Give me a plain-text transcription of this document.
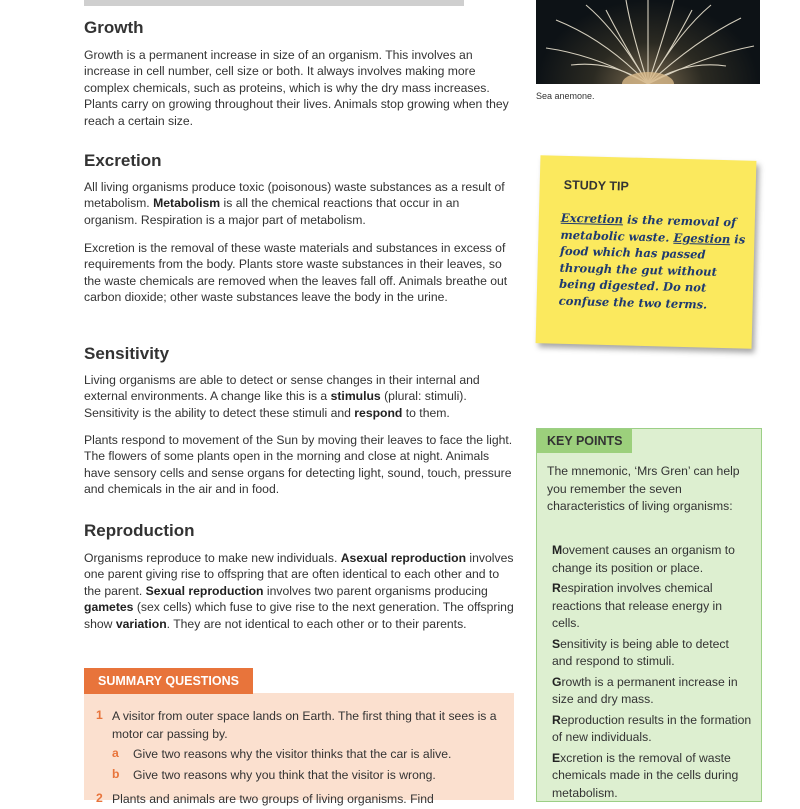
Growth

Growth is a permanent increase in size of an organism. This involves an increase in cell number, cell size or both. It always involves making more complex chemicals, such as proteins, which is why the dry mass increases. Plants carry on growing throughout their lives. Animals stop growing when they reach a certain size.

Excretion

All living organisms produce toxic (poisonous) waste substances as a result of metabolism. Metabolism is all the chemical reactions that occur in an organism. Respiration is a major part of metabolism.

Excretion is the removal of these waste materials and substances in excess of requirements from the body. Plants store waste substances in their leaves, so the waste chemicals are removed when the leaves fall off. Animals breathe out carbon dioxide; other waste substances leave the body in the urine.

Sensitivity

Living organisms are able to detect or sense changes in their internal and external environments. A change like this is a stimulus (plural: stimuli). Sensitivity is the ability to detect these stimuli and respond to them.

Plants respond to movement of the Sun by moving their leaves to face the light. The flowers of some plants open in the morning and close at night. Animals have sensory cells and sense organs for detecting light, sound, touch, pressure and chemicals in the air and in food.

Reproduction

Organisms reproduce to make new individuals. Asexual reproduction involves one parent giving rise to offspring that are often identical to each other and to the parent. Sexual reproduction involves two parent organisms producing gametes (sex cells) which fuse to give rise to the next generation. The offspring show variation. They are not identical to each other or to their parents.

Sea anemone.
STUDY TIP
Excretion is the removal of metabolic waste. Egestion is food which has passed through the gut without being digested. Do not confuse the two terms.
KEY POINTS
The mnemonic, ‘Mrs Gren’ can help you remember the seven characteristics of living organisms:
Movement causes an organism to change its position or place.
Respiration involves chemical reactions that release energy in cells.
Sensitivity is being able to detect and respond to stimuli.
Growth is a permanent increase in size and dry mass.
Reproduction results in the formation of new individuals.
Excretion is the removal of waste chemicals made in the cells during metabolism.
SUMMARY QUESTIONS
1 A visitor from outer space lands on Earth. The first thing that it sees is a motor car passing by.
a Give two reasons why the visitor thinks that the car is alive.
b Give two reasons why you think that the visitor is wrong.
2 Plants and animals are two groups of living organisms. Find
